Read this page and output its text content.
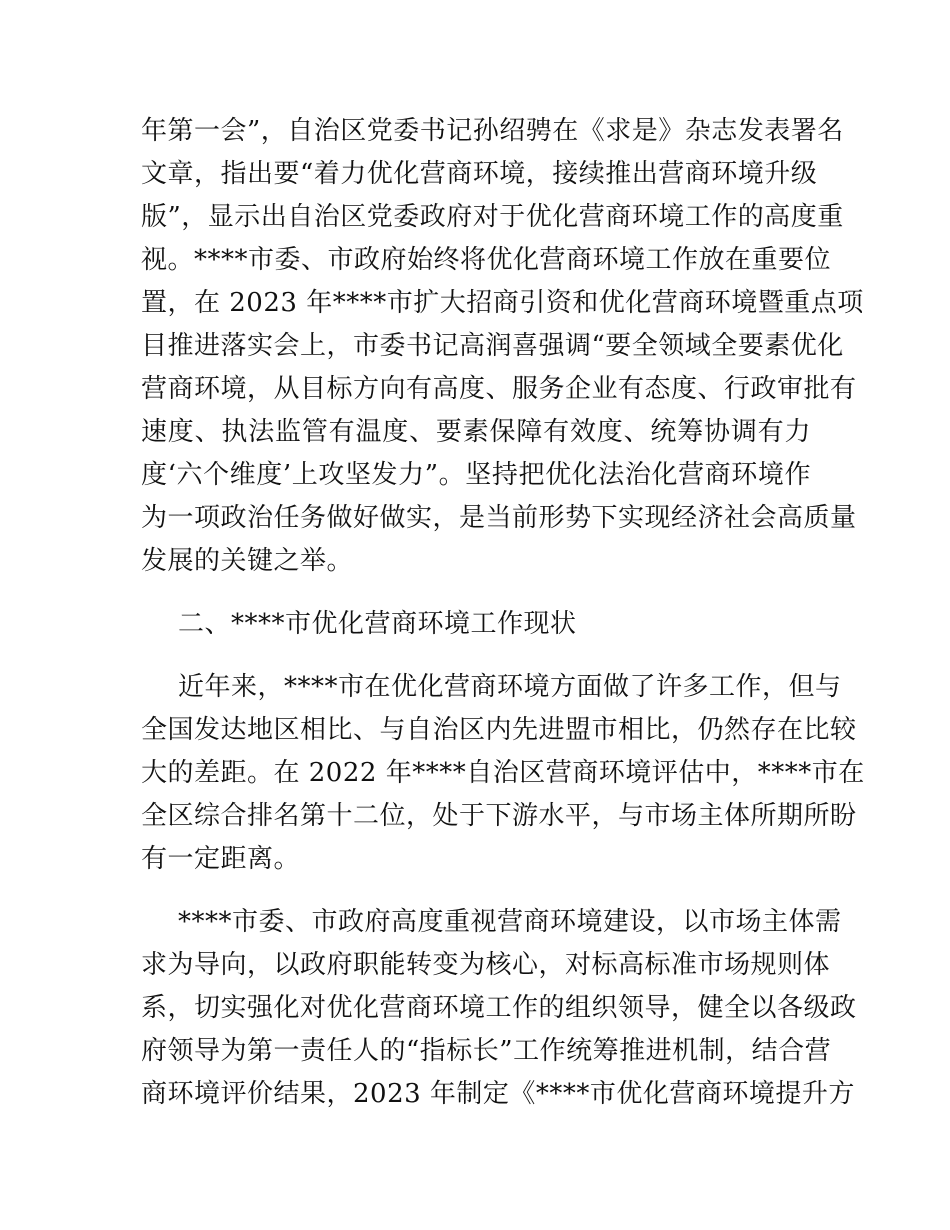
年第一会”，自治区党委书记孙绍骋在《求是》杂志发表署名
文章，指出要“着力优化营商环境，接续推出营商环境升级
版”，显示出自治区党委政府对于优化营商环境工作的高度重
视。****市委、市政府始终将优化营商环境工作放在重要位
置，在 2023 年****市扩大招商引资和优化营商环境暨重点项
目推进落实会上，市委书记高润喜强调“要全领域全要素优化
营商环境，从目标方向有高度、服务企业有态度、行政审批有
速度、执法监管有温度、要素保障有效度、统筹协调有力
度‘六个维度’上攻坚发力”。坚持把优化法治化营商环境作
为一项政治任务做好做实，是当前形势下实现经济社会高质量
发展的关键之举。
二、****市优化营商环境工作现状
近年来，****市在优化营商环境方面做了许多工作，但与
全国发达地区相比、与自治区内先进盟市相比，仍然存在比较
大的差距。在 2022 年****自治区营商环境评估中，****市在
全区综合排名第十二位，处于下游水平，与市场主体所期所盼
有一定距离。
****市委、市政府高度重视营商环境建设，以市场主体需
求为导向，以政府职能转变为核心，对标高标准市场规则体
系，切实强化对优化营商环境工作的组织领导，健全以各级政
府领导为第一责任人的“指标长”工作统筹推进机制，结合营
商环境评价结果，2023 年制定《****市优化营商环境提升方
